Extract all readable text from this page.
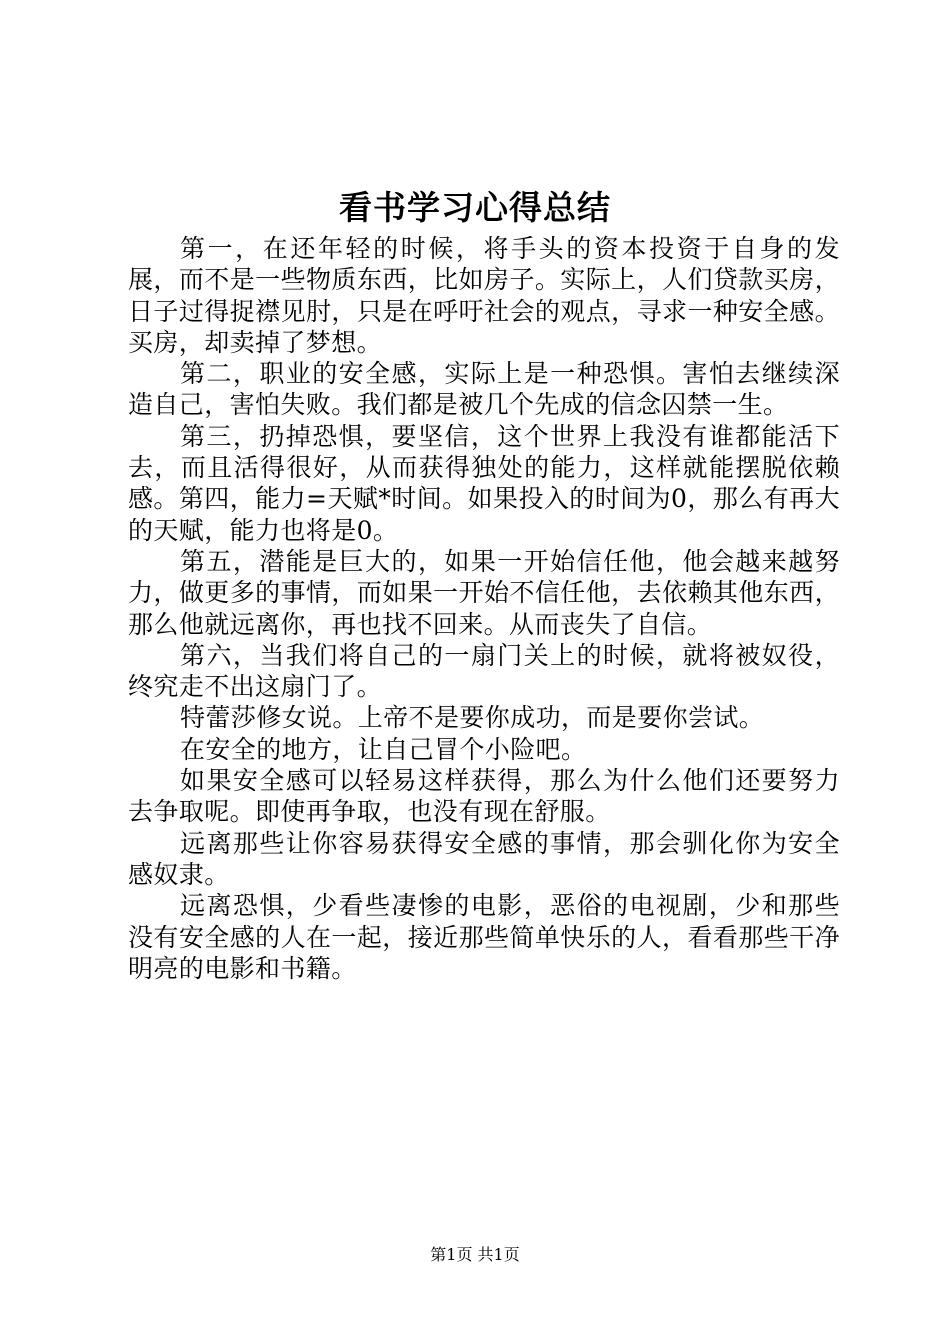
看书学习心得总结

第一，在还年轻的时候，将手头的资本投资于自身的发展，而不是一些物质东西，比如房子。实际上，人们贷款买房，日子过得捉襟见肘，只是在呼吁社会的观点，寻求一种安全感。买房，却卖掉了梦想。

第二，职业的安全感，实际上是一种恐惧。害怕去继续深造自己，害怕失败。我们都是被几个先成的信念囚禁一生。

第三，扔掉恐惧，要坚信，这个世界上我没有谁都能活下去，而且活得很好，从而获得独处的能力，这样就能摆脱依赖感。第四，能力=天赋*时间。如果投入的时间为0，那么有再大的天赋，能力也将是0。

第五，潜能是巨大的，如果一开始信任他，他会越来越努力，做更多的事情，而如果一开始不信任他，去依赖其他东西，那么他就远离你，再也找不回来。从而丧失了自信。

第六，当我们将自己的一扇门关上的时候，就将被奴役，终究走不出这扇门了。

特蕾莎修女说。上帝不是要你成功，而是要你尝试。

在安全的地方，让自己冒个小险吧。

如果安全感可以轻易这样获得，那么为什么他们还要努力去争取呢。即使再争取，也没有现在舒服。

远离那些让你容易获得安全感的事情，那会驯化你为安全感奴隶。

远离恐惧，少看些凄惨的电影，恶俗的电视剧，少和那些没有安全感的人在一起，接近那些简单快乐的人，看看那些干净明亮的电影和书籍。

第1页 共1页
